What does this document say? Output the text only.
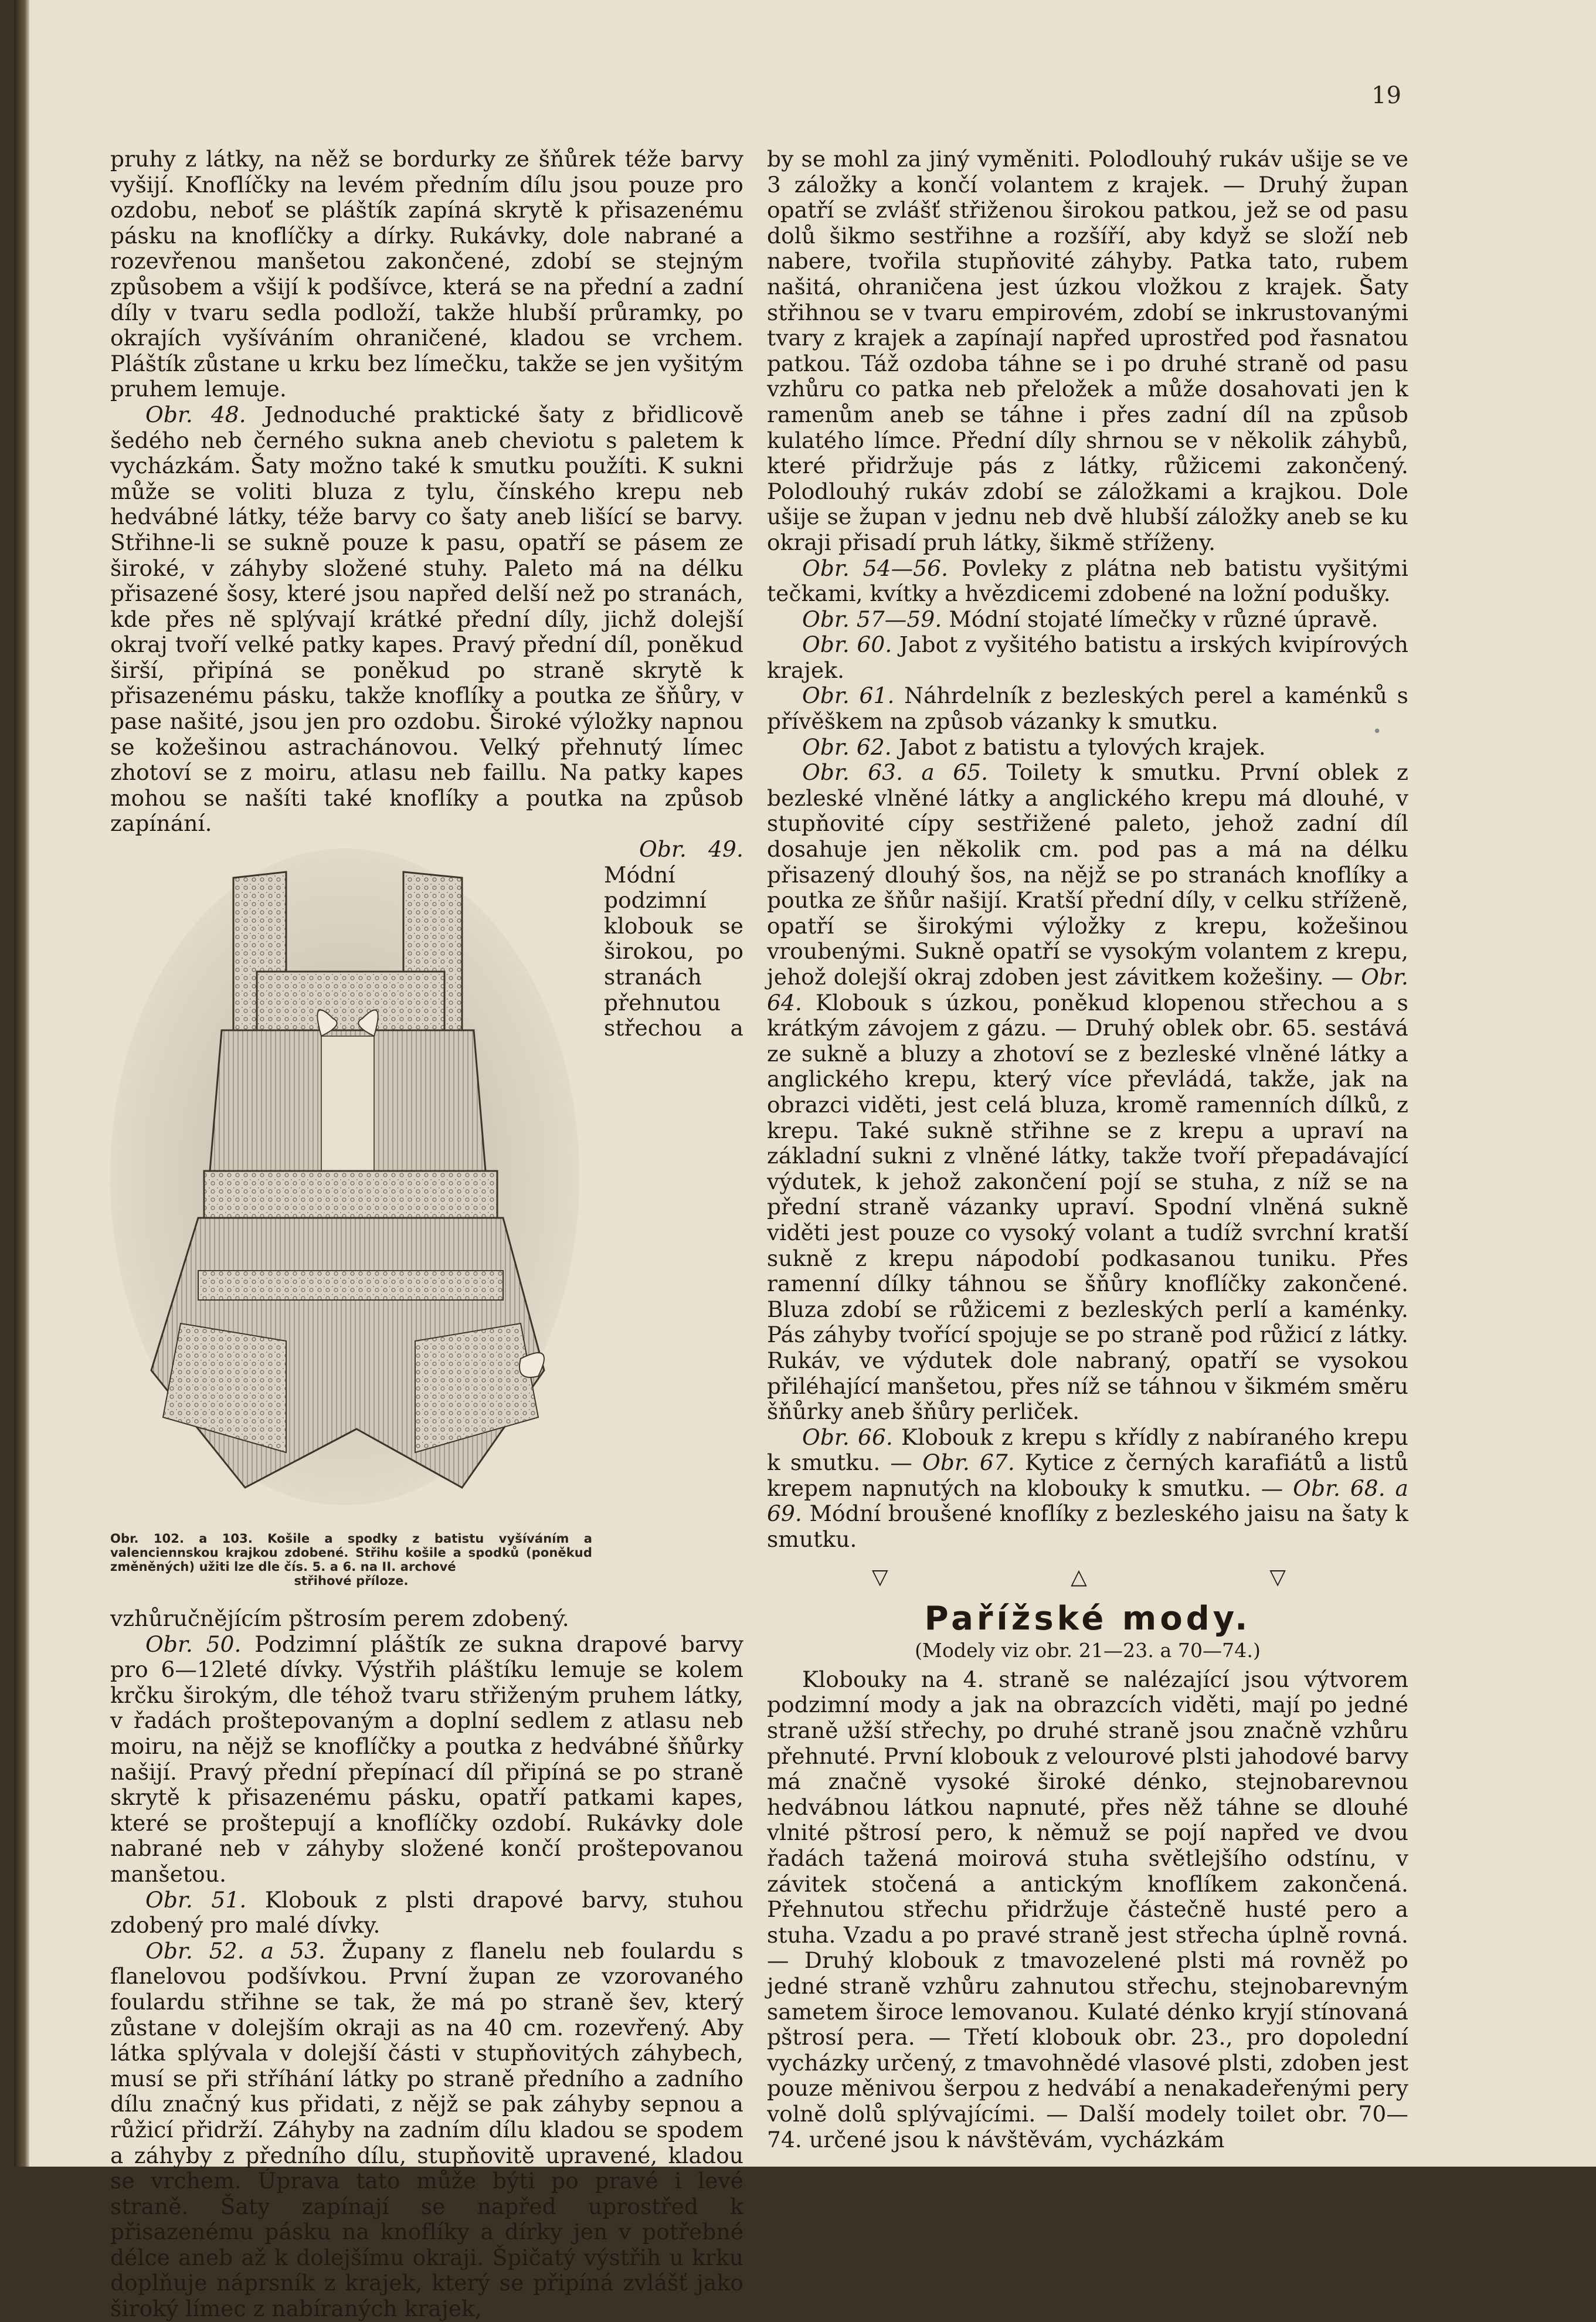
19
•

pruhy z látky, na něž se bordurky ze šňůrek téže barvy vyšijí. Knoflíčky na levém předním dílu jsou pouze pro ozdobu, neboť se pláštík zapíná skrytě k přisazenému pásku na knoflíčky a dírky. Rukávky, dole nabrané a rozevřenou manšetou zakončené, zdobí se stejným způsobem a všijí k podšívce, která se na přední a zadní díly v tvaru sedla podloží, takže hlubší průramky, po okrajích vyšíváním ohraničené, kladou se vrchem. Pláštík zůstane u krku bez límečku, takže se jen vyšitým pruhem lemuje.

Obr. 48. Jednoduché praktické šaty z břidlicově šedého neb černého sukna aneb cheviotu s paletem k vycházkám. Šaty možno také k smutku použíti. K sukni může se voliti bluza z tylu, čínského krepu neb hedvábné látky, téže barvy co šaty aneb lišící se barvy. Střihne-li se sukně pouze k pasu, opatří se pásem ze široké, v záhyby složené stuhy. Paleto má na délku přisazené šosy, které jsou napřed delší než po stranách, kde přes ně splývají krátké přední díly, jichž dolejší okraj tvoří velké patky kapes. Pravý přední díl, poněkud širší, připíná se poněkud po straně skrytě k přisazenému pásku, takže knoflíky a poutka ze šňůry, v pase našité, jsou jen pro ozdobu. Široké výložky napnou se kožešinou astrachánovou. Velký přehnutý límec zhotoví se z moiru, atlasu neb faillu. Na patky kapes mohou se našíti také knoflíky a poutka na způsob zapínání.

Obr. 102. a 103. Košile a spodky z batistu vyšíváním a valenciennskou krajkou zdobené. Střihu košile a spodků (poněkud změněných) užiti lze dle čís. 5. a 6. na II. archové
střihové příloze.

Obr. 49. Módní podzimní klobouk se širokou, po stranách přehnutou střechou a vzhůručnějícím pštrosím perem zdobený.

Obr. 50. Podzimní pláštík ze sukna drapové barvy pro 6—12leté dívky. Výstřih pláštíku lemuje se kolem krčku širokým, dle téhož tvaru střiženým pruhem látky, v řadách proštepovaným a doplní sedlem z atlasu neb moiru, na nějž se knoflíčky a poutka z hedvábné šňůrky našijí. Pravý přední přepínací díl připíná se po straně skrytě k přisazenému pásku, opatří patkami kapes, které se proštepují a knoflíčky ozdobí. Rukávky dole nabrané neb v záhyby složené končí proštepovanou manšetou.

Obr. 51. Klobouk z plsti drapové barvy, stuhou zdobený pro malé dívky.

Obr. 52. a 53. Župany z flanelu neb foulardu s flanelovou podšívkou. První župan ze vzorovaného foulardu střihne se tak, že má po straně šev, který zůstane v dolejším okraji as na 40 cm. rozevřený. Aby látka splývala v dolejší části v stupňovitých záhybech, musí se při stříhání látky po straně předního a zadního dílu značný kus přidati, z nějž se pak záhyby sepnou a růžicí přidrží. Záhyby na zadním dílu kladou se spodem a záhyby z předního dílu, stupňovitě upravené, kladou se vrchem. Úprava tato může býti po pravé i levé straně. Šaty zapínají se napřed uprostřed k přisazenému pásku na knoflíky a dírky jen v potřebné délce aneb až k dolejšímu okraji. Špičatý výstřih u krku doplňuje náprsník z krajek, který se připíná zvlášť jako široký límec z nabíraných krajek,

by se mohl za jiný vyměniti. Polodlouhý rukáv ušije se ve 3 záložky a končí volantem z krajek. — Druhý župan opatří se zvlášť střiženou širokou patkou, jež se od pasu dolů šikmo sestřihne a rozšíří, aby když se složí neb nabere, tvořila stupňovité záhyby. Patka tato, rubem našitá, ohraničena jest úzkou vložkou z krajek. Šaty střihnou se v tvaru empirovém, zdobí se inkrustovanými tvary z krajek a zapínají napřed uprostřed pod řasnatou patkou. Táž ozdoba táhne se i po druhé straně od pasu vzhůru co patka neb přeložek a může dosahovati jen k ramenům aneb se táhne i přes zadní díl na způsob kulatého límce. Přední díly shrnou se v několik záhybů, které přidržuje pás z látky, růžicemi zakončený. Polodlouhý rukáv zdobí se záložkami a krajkou. Dole ušije se župan v jednu neb dvě hlubší záložky aneb se ku okraji přisadí pruh látky, šikmě stříženy.

Obr. 54—56. Povleky z plátna neb batistu vyšitými tečkami, kvítky a hvězdicemi zdobené na ložní podušky.

Obr. 57—59. Módní stojaté límečky v různé úpravě.

Obr. 60. Jabot z vyšitého batistu a irských kvipírových krajek.

Obr. 61. Náhrdelník z bezleských perel a kaménků s přívěškem na způsob vázanky k smutku.

Obr. 62. Jabot z batistu a tylových krajek.

Obr. 63. a 65. Toilety k smutku. První oblek z bezleské vlněné látky a anglického krepu má dlouhé, v stupňovité cípy sestřižené paleto, jehož zadní díl dosahuje jen několik cm. pod pas a má na délku přisazený dlouhý šos, na nějž se po stranách knoflíky a poutka ze šňůr našijí. Kratší přední díly, v celku stříženě, opatří se širokými výložky z krepu, kožešinou vroubenými. Sukně opatří se vysokým volantem z krepu, jehož dolejší okraj zdoben jest závitkem kožešiny. — Obr. 64. Klobouk s úzkou, poněkud klopenou střechou a s krátkým závojem z gázu. — Druhý oblek obr. 65. sestává ze sukně a bluzy a zhotoví se z bezleské vlněné látky a anglického krepu, který více převládá, takže, jak na obrazci viděti, jest celá bluza, kromě ramenních dílků, z krepu. Také sukně střihne se z krepu a upraví na základní sukni z vlněné látky, takže tvoří přepadávající výdutek, k jehož zakončení pojí se stuha, z níž se na přední straně vázanky upraví. Spodní vlněná sukně viděti jest pouze co vysoký volant a tudíž svrchní kratší sukně z krepu nápodobí podkasanou tuniku. Přes ramenní dílky táhnou se šňůry knoflíčky zakončené. Bluza zdobí se růžicemi z bezleských perlí a kaménky. Pás záhyby tvořící spojuje se po straně pod růžicí z látky. Rukáv, ve výdutek dole nabraný, opatří se vysokou přiléhající manšetou, přes níž se táhnou v šikmém směru šňůrky aneb šňůry perliček.

Obr. 66. Klobouk z krepu s křídly z nabíraného krepu k smutku. — Obr. 67. Kytice z černých karafiátů a listů krepem napnutých na klobouky k smutku. — Obr. 68. a 69. Módní broušené knoflíky z bezleského jaisu na šaty k smutku.

▽ △ ▽
Pařížské mody.
(Modely viz obr. 21—23. a 70—74.)

Klobouky na 4. straně se nalézající jsou výtvorem podzimní mody a jak na obrazcích viděti, mají po jedné straně užší střechy, po druhé straně jsou značně vzhůru přehnuté. První klobouk z velourové plsti jahodové barvy má značně vysoké široké dénko, stejnobarevnou hedvábnou látkou napnuté, přes něž táhne se dlouhé vlnité pštrosí pero, k němuž se pojí napřed ve dvou řadách tažená moirová stuha světlejšího odstínu, v závitek stočená a antickým knoflíkem zakončená. Přehnutou střechu přidržuje částečně husté pero a stuha. Vzadu a po pravé straně jest střecha úplně rovná. — Druhý klobouk z tmavozelené plsti má rovněž po jedné straně vzhůru zahnutou střechu, stejnobarevným sametem široce lemovanou. Kulaté dénko kryjí stínovaná pštrosí pera. — Třetí klobouk obr. 23., pro dopolední vycházky určený, z tmavohnědé vlasové plsti, zdoben jest pouze měnivou šerpou z hedvábí a nenakadeřenými pery volně dolů splývajícími. — Další modely toilet obr. 70—74. určené jsou k návštěvám, vycházkám
